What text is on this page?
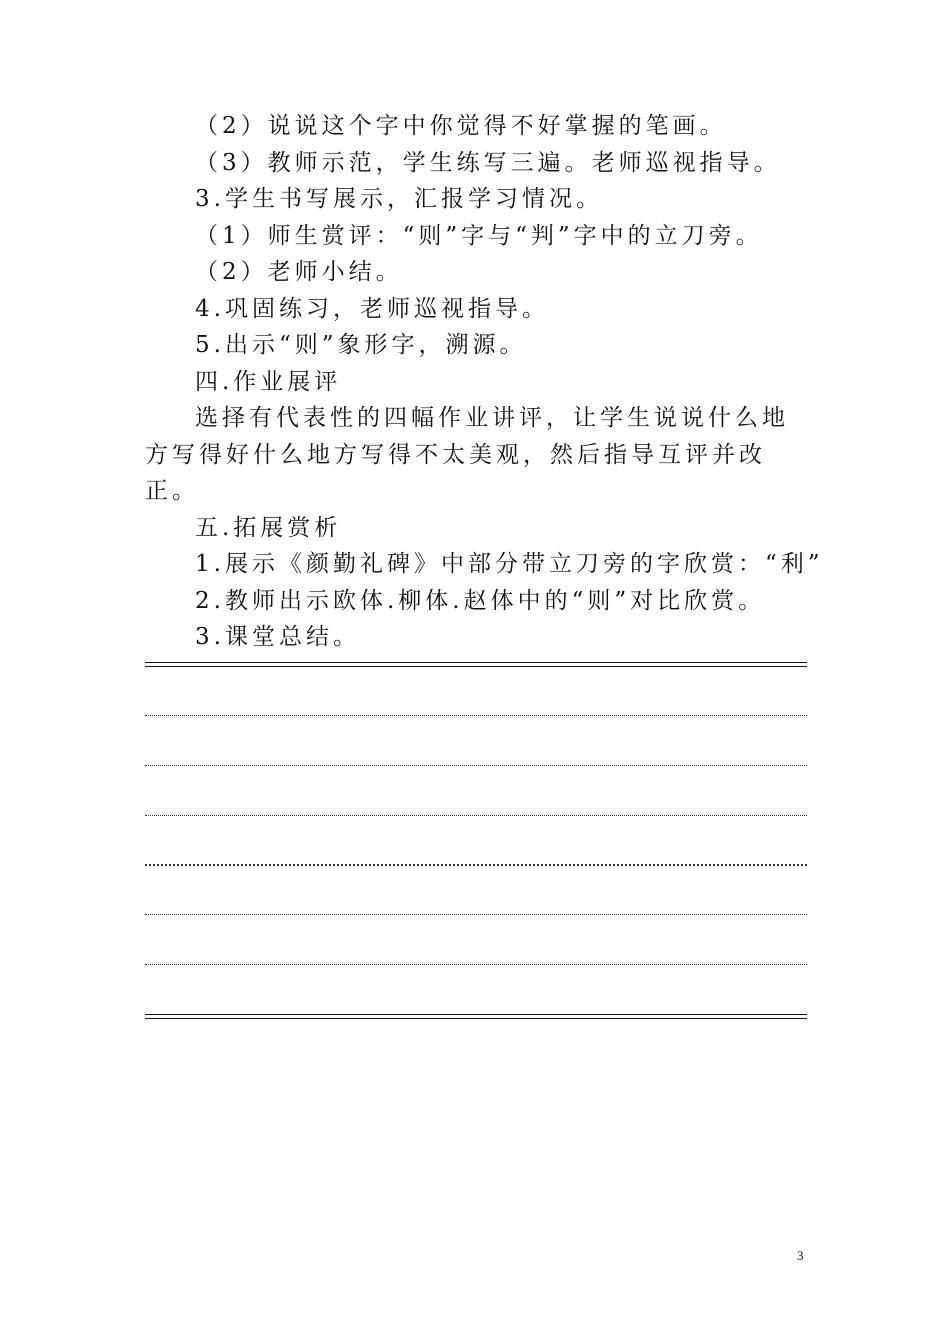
（2）说说这个字中你觉得不好掌握的笔画。
（3）教师示范，学生练写三遍。老师巡视指导。
3.学生书写展示，汇报学习情况。
（1）师生赏评：“则”字与“判”字中的立刀旁。
（2）老师小结。
4.巩固练习，老师巡视指导。
5.出示“则”象形字，溯源。
四.作业展评
选择有代表性的四幅作业讲评，让学生说说什么地方写得好什么地方写得不太美观，然后指导互评并改正。
五.拓展赏析
1.展示《颜勤礼碑》中部分带立刀旁的字欣赏：“利”
2.教师出示欧体.柳体.赵体中的“则”对比欣赏。
3.课堂总结。
3
